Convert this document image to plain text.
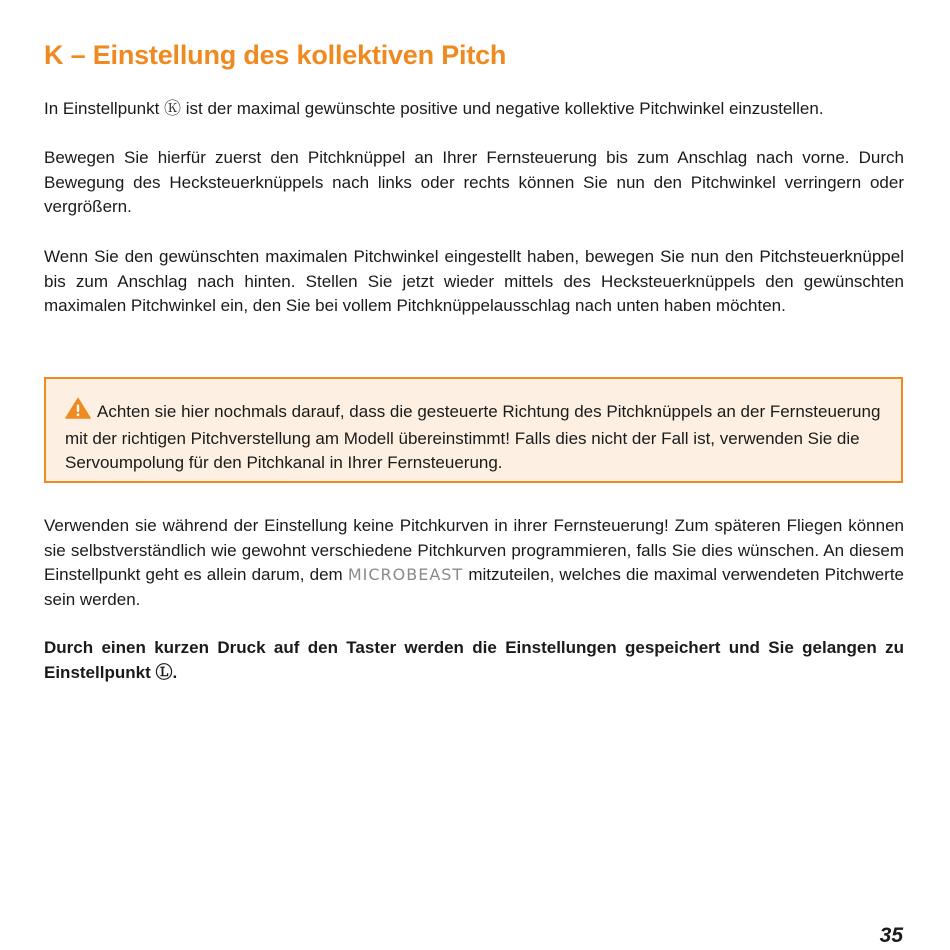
K – Einstellung des kollektiven Pitch

In Einstellpunkt Ⓚ ist der maximal gewünschte positive und negative kollektive Pitchwinkel einzustellen.

Bewegen Sie hierfür zuerst den Pitchknüppel an Ihrer Fernsteuerung bis zum Anschlag nach vorne. Durch Bewegung des Hecksteuerknüppels nach links oder rechts können Sie nun den Pitchwinkel verringern oder vergrößern.

Wenn Sie den gewünschten maximalen Pitchwinkel eingestellt haben, bewegen Sie nun den Pitchsteuerknüppel bis zum Anschlag nach hinten. Stellen Sie jetzt wieder mittels des Hecksteuerknüppels den gewünschten maximalen Pitchwinkel ein, den Sie bei vollem Pitchknüppelausschlag nach unten haben möchten.

Achten sie hier nochmals darauf, dass die gesteuerte Richtung des Pitchknüppels an der Fernsteuerung mit der richtigen Pitchverstellung am Modell übereinstimmt! Falls dies nicht der Fall ist, verwenden Sie die Servoumpolung für den Pitchkanal in Ihrer Fernsteuerung.

Verwenden sie während der Einstellung keine Pitchkurven in ihrer Fernsteuerung! Zum späteren Fliegen können sie selbstverständlich wie gewohnt verschiedene Pitchkurven programmieren, falls Sie dies wünschen. An diesem Einstellpunkt geht es allein darum, dem MICROBEAST mitzuteilen, welches die maximal verwendeten Pitchwerte sein werden.

Durch einen kurzen Druck auf den Taster werden die Einstellungen gespeichert und Sie gelangen zu Einstellpunkt Ⓛ.

35
